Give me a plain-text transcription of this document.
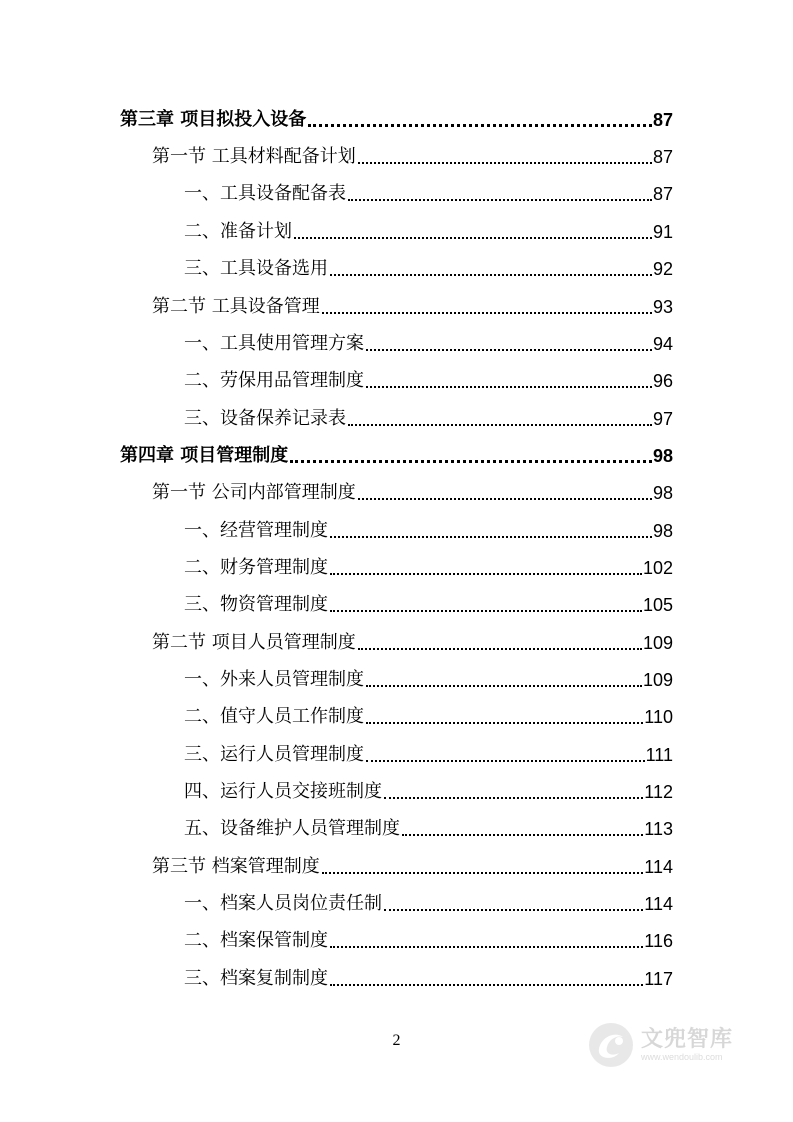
第三章 项目拟投入设备	87
第一节 工具材料配备计划	87
一、工具设备配备表	87
二、准备计划	91
三、工具设备选用	92
第二节 工具设备管理	93
一、工具使用管理方案	94
二、劳保用品管理制度	96
三、设备保养记录表	97
第四章 项目管理制度	98
第一节 公司内部管理制度	98
一、经营管理制度	98
二、财务管理制度	102
三、物资管理制度	105
第二节 项目人员管理制度	109
一、外来人员管理制度	109
二、值守人员工作制度	110
三、运行人员管理制度	111
四、运行人员交接班制度	112
五、设备维护人员管理制度	113
第三节 档案管理制度	114
一、档案人员岗位责任制	114
二、档案保管制度	116
三、档案复制制度	117
2	文兜智库
www.wendoulib.com
